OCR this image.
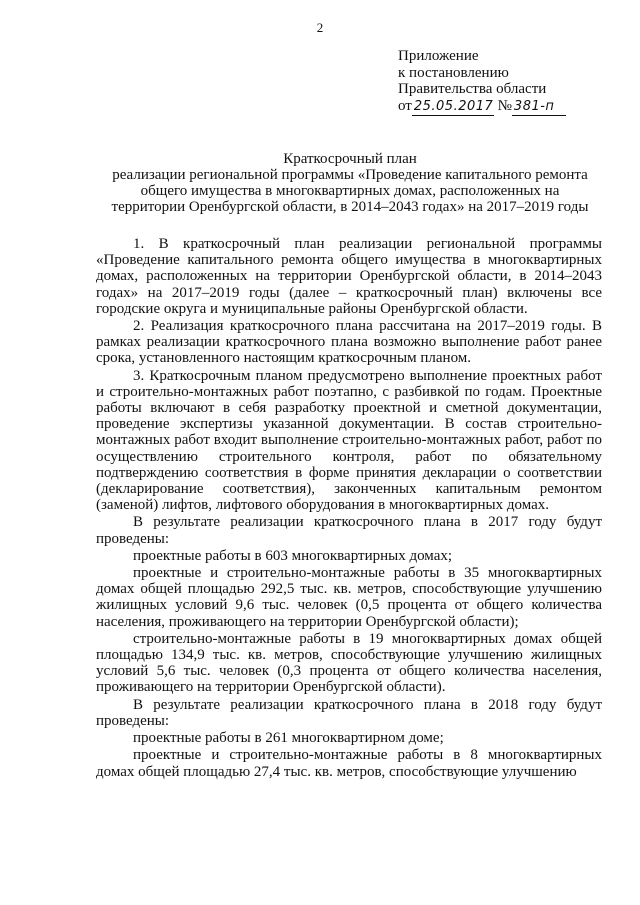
2
Приложение
к постановлению
Правительства области
от 25.05.2017 № 381-п
Краткосрочный план
реализации региональной программы «Проведение капитального ремонта
общего имущества в многоквартирных домах, расположенных на
территории Оренбургской области, в 2014–2043 годах» на 2017–2019 годы

1. В краткосрочный план реализации региональной программы «Проведение капитального ремонта общего имущества в многоквартирных домах, расположенных на территории Оренбургской области, в 2014–2043 годах» на 2017–2019 годы (далее – краткосрочный план) включены все городские округа и муниципальные районы Оренбургской области.

2. Реализация краткосрочного плана рассчитана на 2017–2019 годы. В рамках реализации краткосрочного плана возможно выполнение работ ранее срока, установленного настоящим краткосрочным планом.

3. Краткосрочным планом предусмотрено выполнение проектных работ и строительно-монтажных работ поэтапно, с разбивкой по годам. Проектные работы включают в себя разработку проектной и сметной документации, проведение экспертизы указанной документации. В состав строительно-монтажных работ входит выполнение строительно-монтажных работ, работ по осуществлению строительного контроля, работ по обязательному подтверждению соответствия в форме принятия декларации о соответствии (декларирование соответствия), законченных капитальным ремонтом (заменой) лифтов, лифтового оборудования в многоквартирных домах.

В результате реализации краткосрочного плана в 2017 году будут проведены:

проектные работы в 603 многоквартирных домах;

проектные и строительно-монтажные работы в 35 многоквартирных домах общей площадью 292,5 тыс. кв. метров, способствующие улучшению жилищных условий 9,6 тыс. человек (0,5 процента от общего количества населения, проживающего на территории Оренбургской области);

строительно-монтажные работы в 19 многоквартирных домах общей площадью 134,9 тыс. кв. метров, способствующие улучшению жилищных условий 5,6 тыс. человек (0,3 процента от общего количества населения, проживающего на территории Оренбургской области).

В результате реализации краткосрочного плана в 2018 году будут проведены:

проектные работы в 261 многоквартирном доме;

проектные и строительно-монтажные работы в 8 многоквартирных домах общей площадью 27,4 тыс. кв. метров, способствующие улучшению
